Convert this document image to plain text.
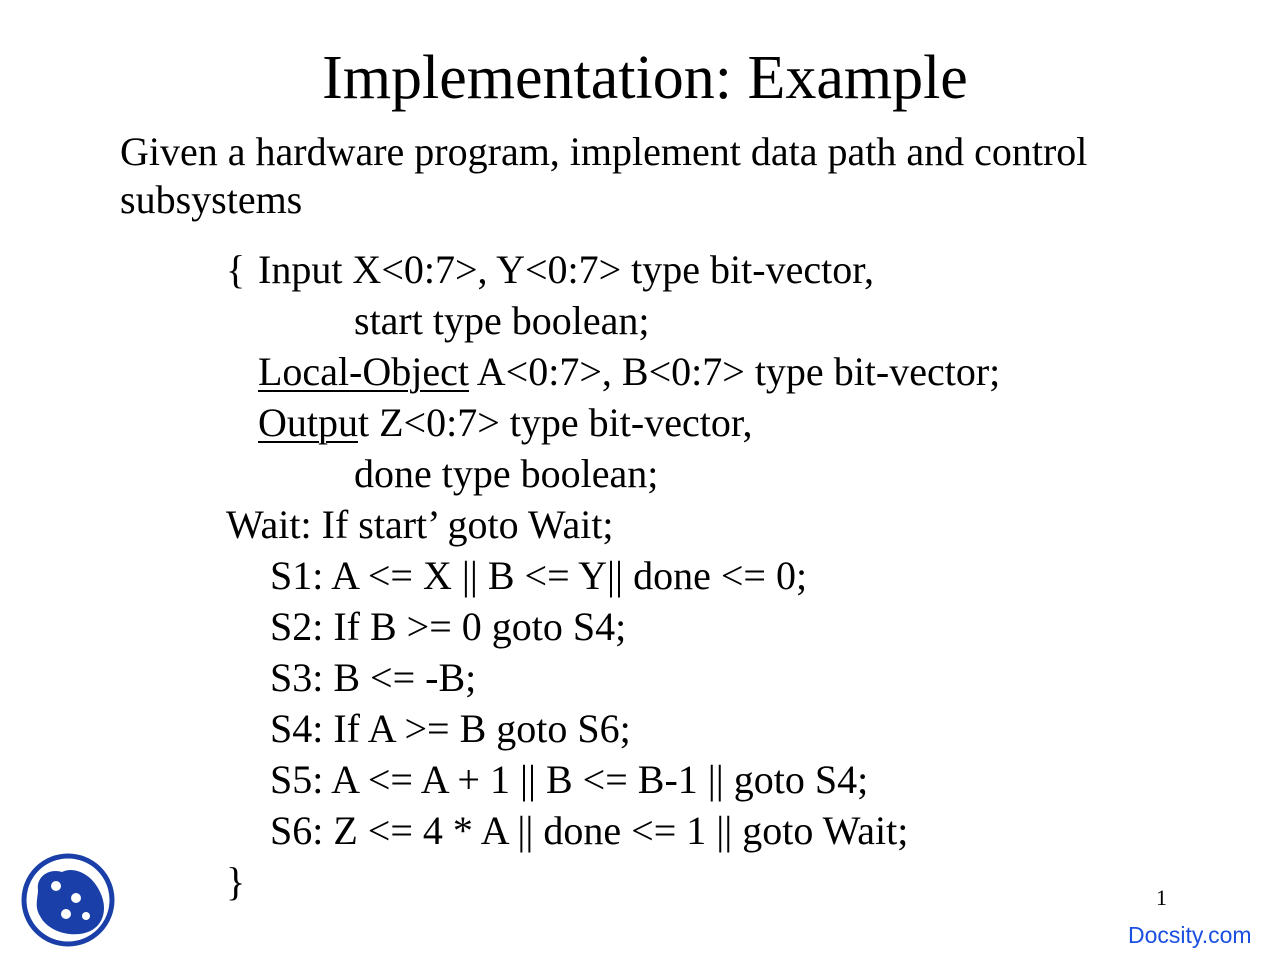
Implementation: Example
Given a hardware program, implement data path and control
subsystems
{ Input X<0:7>, Y<0:7> type bit-vector,
start type boolean;
Local-Object A<0:7>, B<0:7> type bit-vector;
Output Z<0:7> type bit-vector,
done type boolean;
Wait: If start’ goto Wait;
S1: A <= X || B <= Y|| done <= 0;
S2: If B >= 0 goto S4;
S3: B <= -B;
S4: If A >= B goto S6;
S5: A <= A + 1 || B <= B-1 || goto S4;
S6: Z <= 4 * A || done <= 1 || goto Wait;
}	1
Docsity.com
